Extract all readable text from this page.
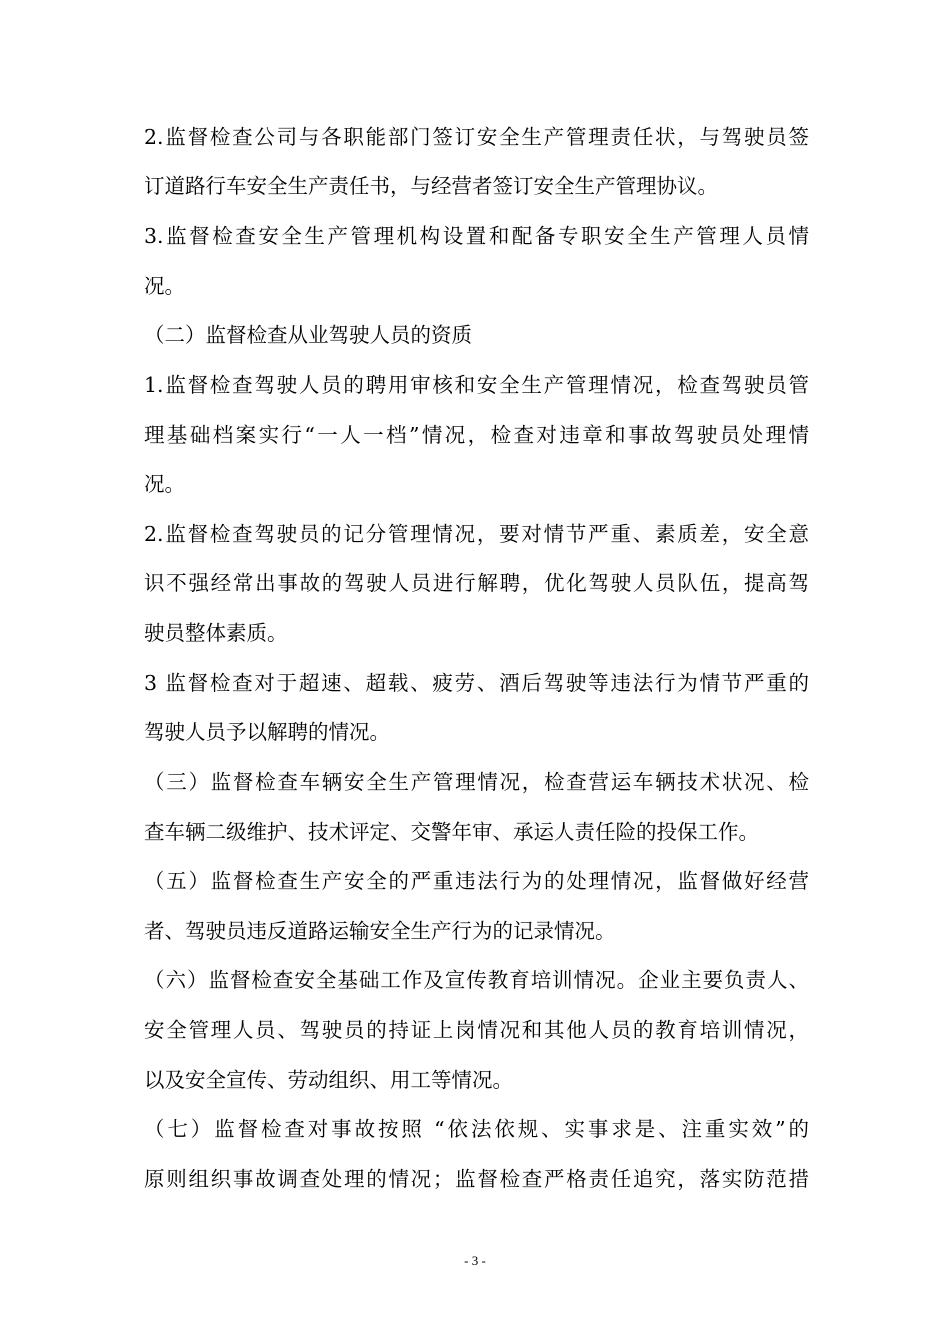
2.监督检查公司与各职能部门签订安全生产管理责任状，与驾驶员签
订道路行车安全生产责任书，与经营者签订安全生产管理协议。
3.监督检查安全生产管理机构设置和配备专职安全生产管理人员情
况。
（二）监督检查从业驾驶人员的资质
1.监督检查驾驶人员的聘用审核和安全生产管理情况，检查驾驶员管
理基础档案实行“一人一档”情况，检查对违章和事故驾驶员处理情
况。
2.监督检查驾驶员的记分管理情况，要对情节严重、素质差，安全意
识不强经常出事故的驾驶人员进行解聘，优化驾驶人员队伍，提高驾
驶员整体素质。
3 监督检查对于超速、超载、疲劳、酒后驾驶等违法行为情节严重的
驾驶人员予以解聘的情况。
（三）监督检查车辆安全生产管理情况，检查营运车辆技术状况、检
查车辆二级维护、技术评定、交警年审、承运人责任险的投保工作。
（五）监督检查生产安全的严重违法行为的处理情况，监督做好经营
者、驾驶员违反道路运输安全生产行为的记录情况。
（六）监督检查安全基础工作及宣传教育培训情况。企业主要负责人、
安全管理人员、驾驶员的持证上岗情况和其他人员的教育培训情况，
以及安全宣传、劳动组织、用工等情况。
（七）监督检查对事故按照 “依法依规、实事求是、注重实效”的
原则组织事故调查处理的情况；监督检查严格责任追究，落实防范措
- 3 -
